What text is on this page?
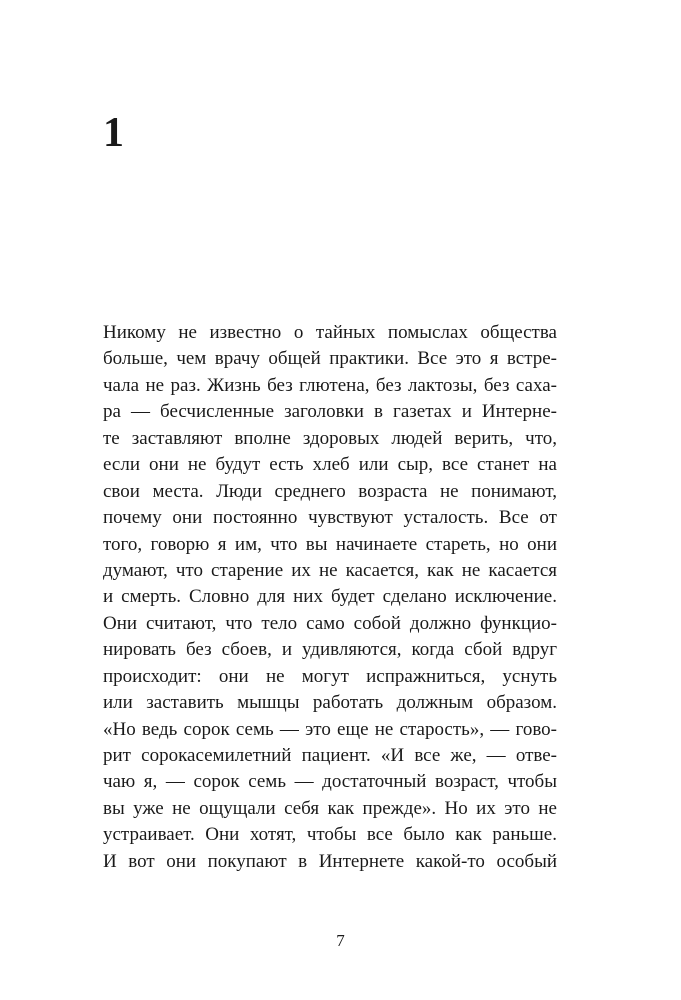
1
Никому не известно о тайных помыслах общества
больше, чем врачу общей практики. Все это я встре-
чала не раз. Жизнь без глютена, без лактозы, без саха-
ра — бесчисленные заголовки в газетах и Интерне-
те заставляют вполне здоровых людей верить, что,
если они не будут есть хлеб или сыр, все станет на
свои места. Люди среднего возраста не понимают,
почему они постоянно чувствуют усталость. Все от
того, говорю я им, что вы начинаете стареть, но они
думают, что старение их не касается, как не касается
и смерть. Словно для них будет сделано исключение.
Они считают, что тело само собой должно функцио-
нировать без сбоев, и удивляются, когда сбой вдруг
происходит: они не могут испражниться, уснуть
или заставить мышцы работать должным образом.
«Но ведь сорок семь — это еще не старость», — гово-
рит сорокасемилетний пациент. «И все же, — отве-
чаю я, — сорок семь — достаточный возраст, чтобы
вы уже не ощущали себя как прежде». Но их это не
устраивает. Они хотят, чтобы все было как раньше.
И вот они покупают в Интернете какой-то особый
7
